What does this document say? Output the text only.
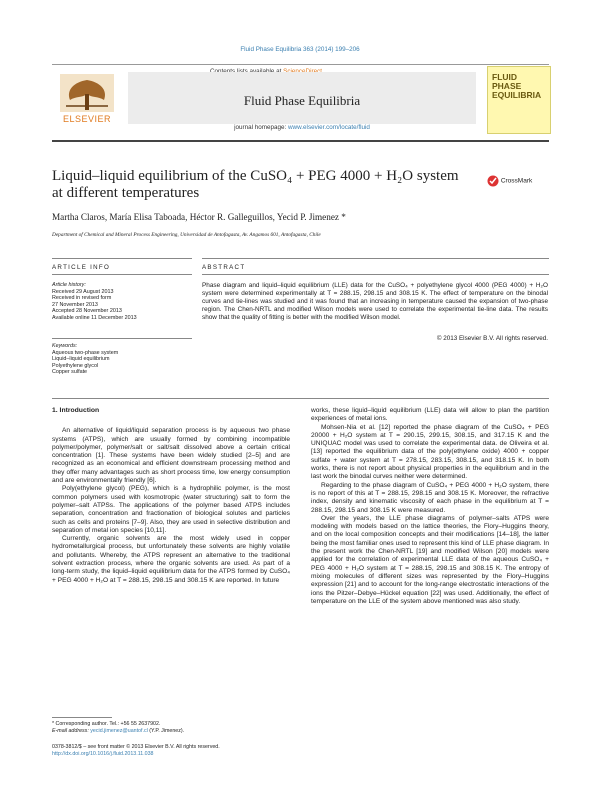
Fluid Phase Equilibria 363 (2014) 199–206
Fluid Phase Equilibria
journal homepage: www.elsevier.com/locate/fluid
ELSEVIER
FLUID PHASE EQUILIBRIA
Liquid–liquid equilibrium of the CuSO₄ + PEG 4000 + H₂O system at different temperatures
CrossMark
Martha Claros, María Elisa Taboada, Héctor R. Galleguillos, Yecid P. Jimenez *
Department of Chemical and Mineral Process Engineering, Universidad de Antofagasta, Av. Angamos 601, Antofagasta, Chile
ARTICLE INFO	ABSTRACT
Article history:
Received 29 August 2013
Received in revised form
27 November 2013
Accepted 28 November 2013
Available online 11 December 2013
Keywords:
Aqueous two-phase system
Liquid–liquid equilibrium
Polyethylene glycol
Copper sulfate
Phase diagram and liquid–liquid equilibrium (LLE) data for the CuSO₄ + polyethylene glycol 4000 (PEG 4000) + H₂O system were determined experimentally at T = 288.15, 298.15 and 308.15 K. The effect of temperature on the binodal curves and tie-lines was studied and it was found that an increasing in temperature caused the expansion of two-phase region. The Chen-NRTL and modified Wilson models were used to correlate the experimental tie-line data. The results show that the quality of fitting is better with the modified Wilson model.
© 2013 Elsevier B.V. All rights reserved.
1. Introduction

An alternative of liquid/liquid separation process is by aqueous two phase systems (ATPS), which are usually formed by combining incompatible polymer/polymer, polymer/salt or salt/salt dissolved above a certain critical concentration [1]. These systems have been widely studied [2–5] and are recognized as an economical and efficient downstream processing method and they offer many advantages such as short process time, low energy consumption and are environmentally friendly [6].

Poly(ethylene glycol) (PEG), which is a hydrophilic polymer, is the most common polymers used with kosmotropic (water structuring) salt to form the polymer–salt ATPSs. The applications of the polymer based ATPS includes separation, concentration and fractionation of biological solutes and particles such as cells and proteins [7–9]. Also, they are used in selective distribution and separation of metal ion species [10,11].

Currently, organic solvents are the most widely used in copper hydrometallurgical process, but unfortunately these solvents are highly volatile and pollutants. Whereby, the ATPS represent an alternative to the traditional solvent extraction process, where the organic solvents are used. As part of a long-term study, the liquid–liquid equilibrium data for the ATPS formed by CuSO₄ + PEG 4000 + H₂O at T = 288.15, 298.15 and 308.15 K are reported. In future

* Corresponding author. Tel.: +56 55 2637902.
E-mail address: yecid.jimenez@uantof.cl (Y.P. Jimenez).
0378-3812/$ – see front matter © 2013 Elsevier B.V. All rights reserved.
http://dx.doi.org/10.1016/j.fluid.2013.11.038

works, these liquid–liquid equilibrium (LLE) data will allow to plan the partition experiences of metal ions.

Mohsen-Nia et al. [12] reported the phase diagram of the CuSO₄ + PEG 20000 + H₂O system at T = 290.15, 299.15, 308.15, and 317.15 K and the UNIQUAC model was used to correlate the experimental data. de Oliveira et al. [13] reported the equilibrium data of the poly(ethylene oxide) 4000 + copper sulfate + water system at T = 278.15, 283.15, 308.15, and 318.15 K. In both works, there is not report about physical properties in the equilibrium and in the last work the binodal curves neither were determined.

Regarding to the phase diagram of CuSO₄ + PEG 4000 + H₂O system, there is no report of this at T = 288.15, 298.15 and 308.15 K. Moreover, the refractive index, density and kinematic viscosity of each phase in the equilibrium at T = 288.15, 298.15 and 308.15 K were measured.

Over the years, the LLE phase diagrams of polymer–salts ATPS were modeling with models based on the lattice theories, the Flory–Huggins theory, and on the local composition concepts and their modifications [14–18], the latter being the most familiar ones used to represent this kind of LLE phase diagram. In the present work the Chen-NRTL [19] and modified Wilson [20] models were applied for the correlation of experimental LLE data of the aqueous CuSO₄ + PEG 4000 + H₂O system at T = 288.15, 298.15 and 308.15 K. The entropy of mixing molecules of different sizes was represented by the Flory–Huggins expression [21] and to account for the long-range electrostatic interactions of the ions the Pitzer–Debye–Hückel equation [22] was used. Additionally, the effect of temperature on the LLE of the system above mentioned was also study.
